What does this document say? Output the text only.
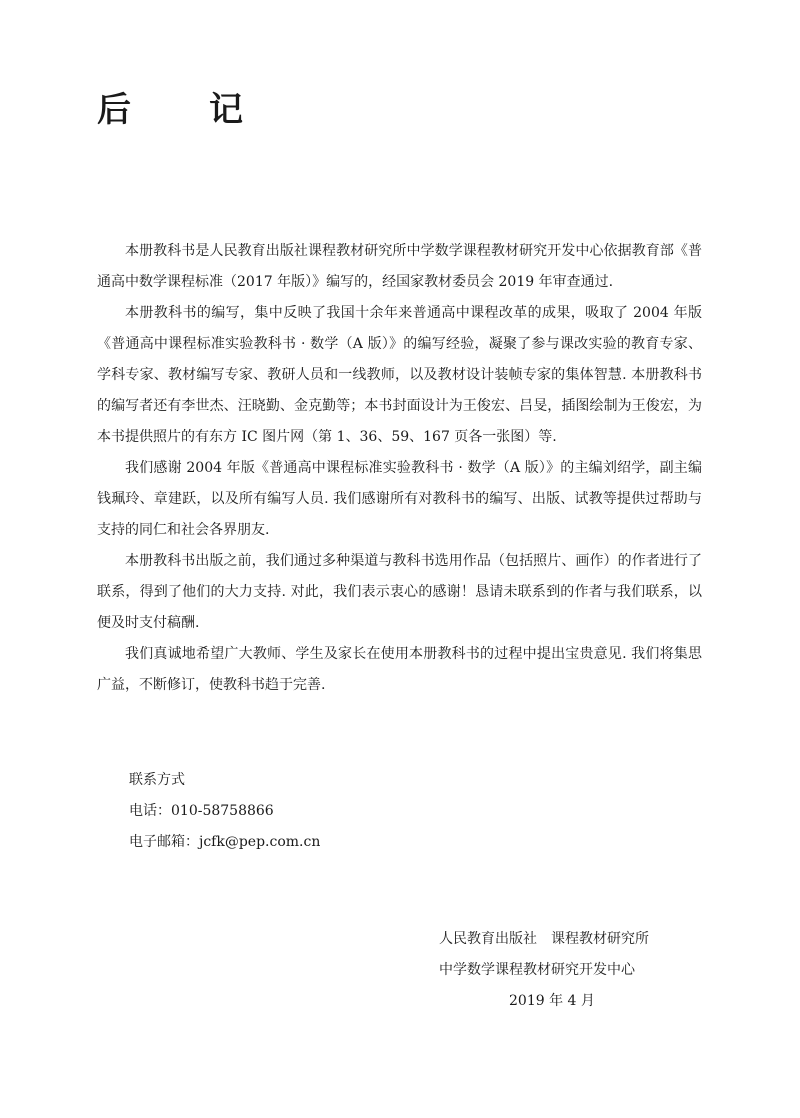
后　记

本册教科书是人民教育出版社课程教材研究所中学数学课程教材研究开发中心依据教育部《普通高中数学课程标准（2017 年版）》编写的，经国家教材委员会 2019 年审查通过.

本册教科书的编写，集中反映了我国十余年来普通高中课程改革的成果，吸取了 2004 年版《普通高中课程标准实验教科书 · 数学（A 版）》的编写经验，凝聚了参与课改实验的教育专家、学科专家、教材编写专家、教研人员和一线教师，以及教材设计装帧专家的集体智慧. 本册教科书的编写者还有李世杰、汪晓勤、金克勤等；本书封面设计为王俊宏、吕旻，插图绘制为王俊宏，为本书提供照片的有东方 IC 图片网（第 1、36、59、167 页各一张图）等.

我们感谢 2004 年版《普通高中课程标准实验教科书 · 数学（A 版）》的主编刘绍学，副主编钱珮玲、章建跃，以及所有编写人员. 我们感谢所有对教科书的编写、出版、试教等提供过帮助与支持的同仁和社会各界朋友.

本册教科书出版之前，我们通过多种渠道与教科书选用作品（包括照片、画作）的作者进行了联系，得到了他们的大力支持. 对此，我们表示衷心的感谢！恳请未联系到的作者与我们联系，以便及时支付稿酬.

我们真诚地希望广大教师、学生及家长在使用本册教科书的过程中提出宝贵意见. 我们将集思广益，不断修订，使教科书趋于完善.

联系方式
电话：010-58758866
电子邮箱：jcfk@pep.com.cn
人民教育出版社　课程教材研究所
中学数学课程教材研究开发中心
2019 年 4 月
